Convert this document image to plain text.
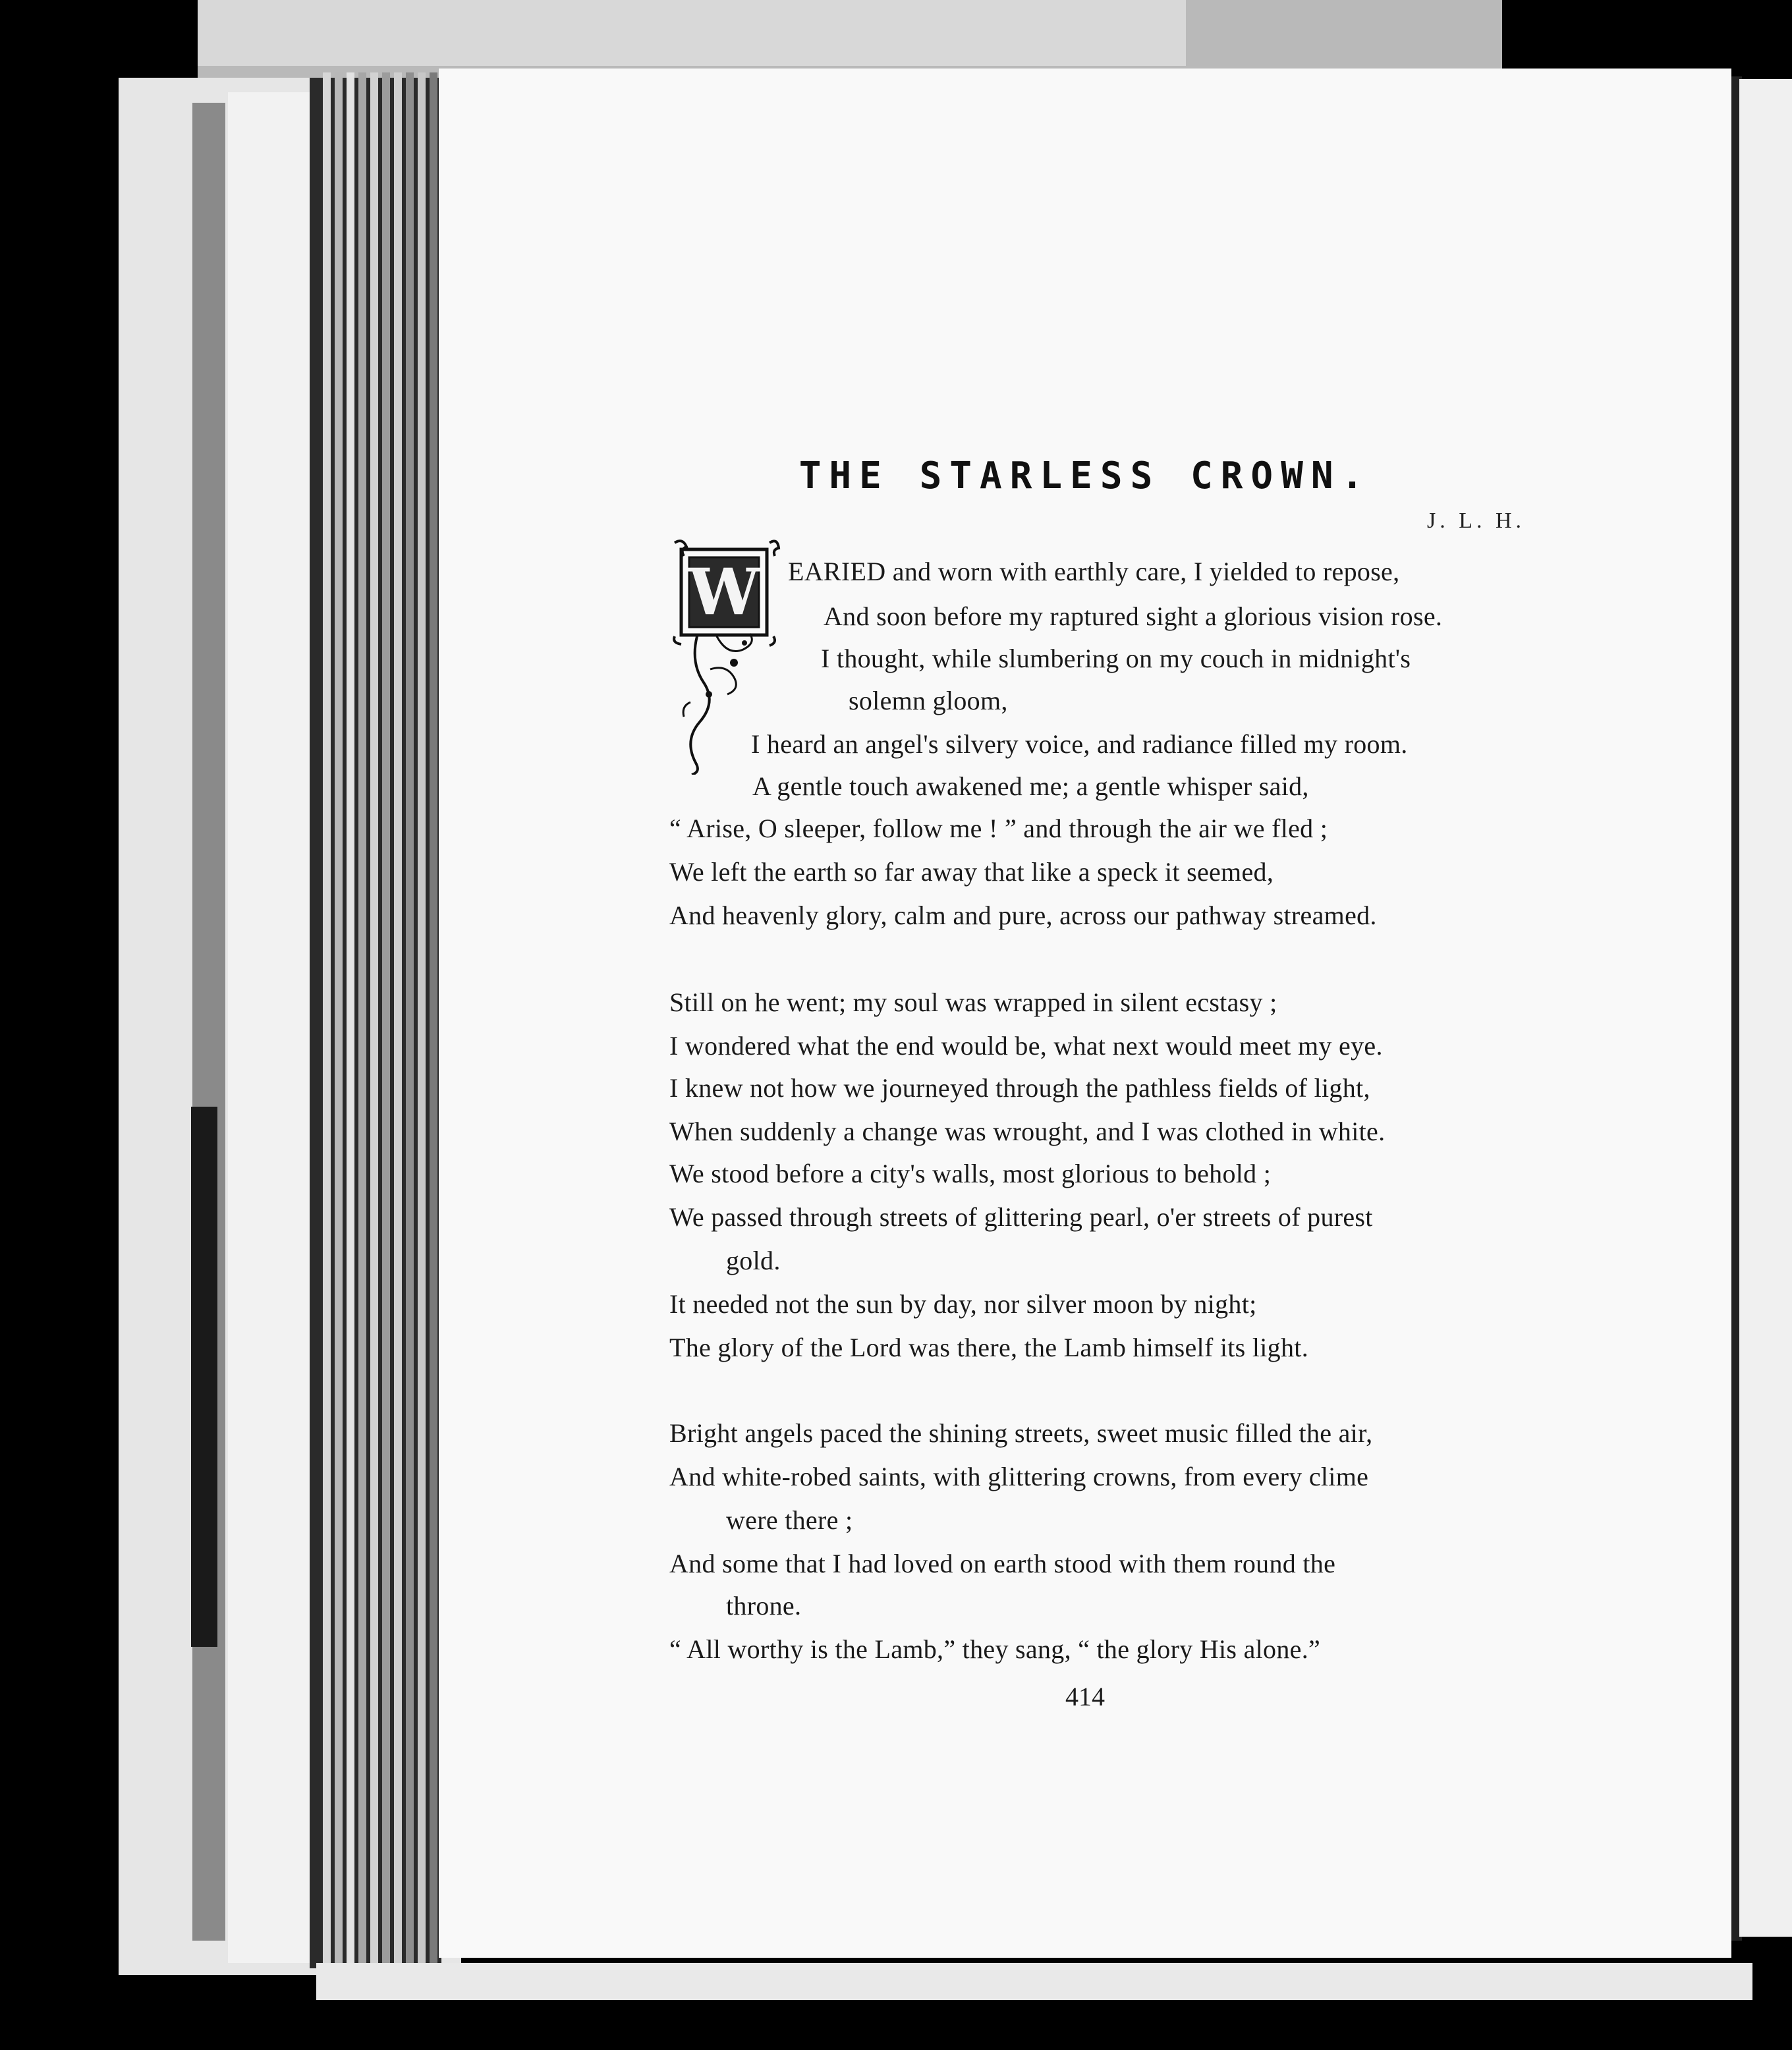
THE STARLESS CROWN.
J. L. H.
W EARIED and worn with earthly care, I yielded to repose,
And soon before my raptured sight a glorious vision rose.
I thought, while slumbering on my couch in midnight's
solemn gloom,
I heard an angel's silvery voice, and radiance filled my room.
A gentle touch awakened me; a gentle whisper said,
“ Arise, O sleeper, follow me ! ” and through the air we fled ;
We left the earth so far away that like a speck it seemed,
And heavenly glory, calm and pure, across our pathway streamed.
Still on he went; my soul was wrapped in silent ecstasy ;
I wondered what the end would be, what next would meet my eye.
I knew not how we journeyed through the pathless fields of light,
When suddenly a change was wrought, and I was clothed in white.
We stood before a city's walls, most glorious to behold ;
We passed through streets of glittering pearl, o'er streets of purest
gold.
It needed not the sun by day, nor silver moon by night;
The glory of the Lord was there, the Lamb himself its light.
Bright angels paced the shining streets, sweet music filled the air,
And white-robed saints, with glittering crowns, from every clime
were there ;
And some that I had loved on earth stood with them round the
throne.
“ All worthy is the Lamb,” they sang, “ the glory His alone.”
414
